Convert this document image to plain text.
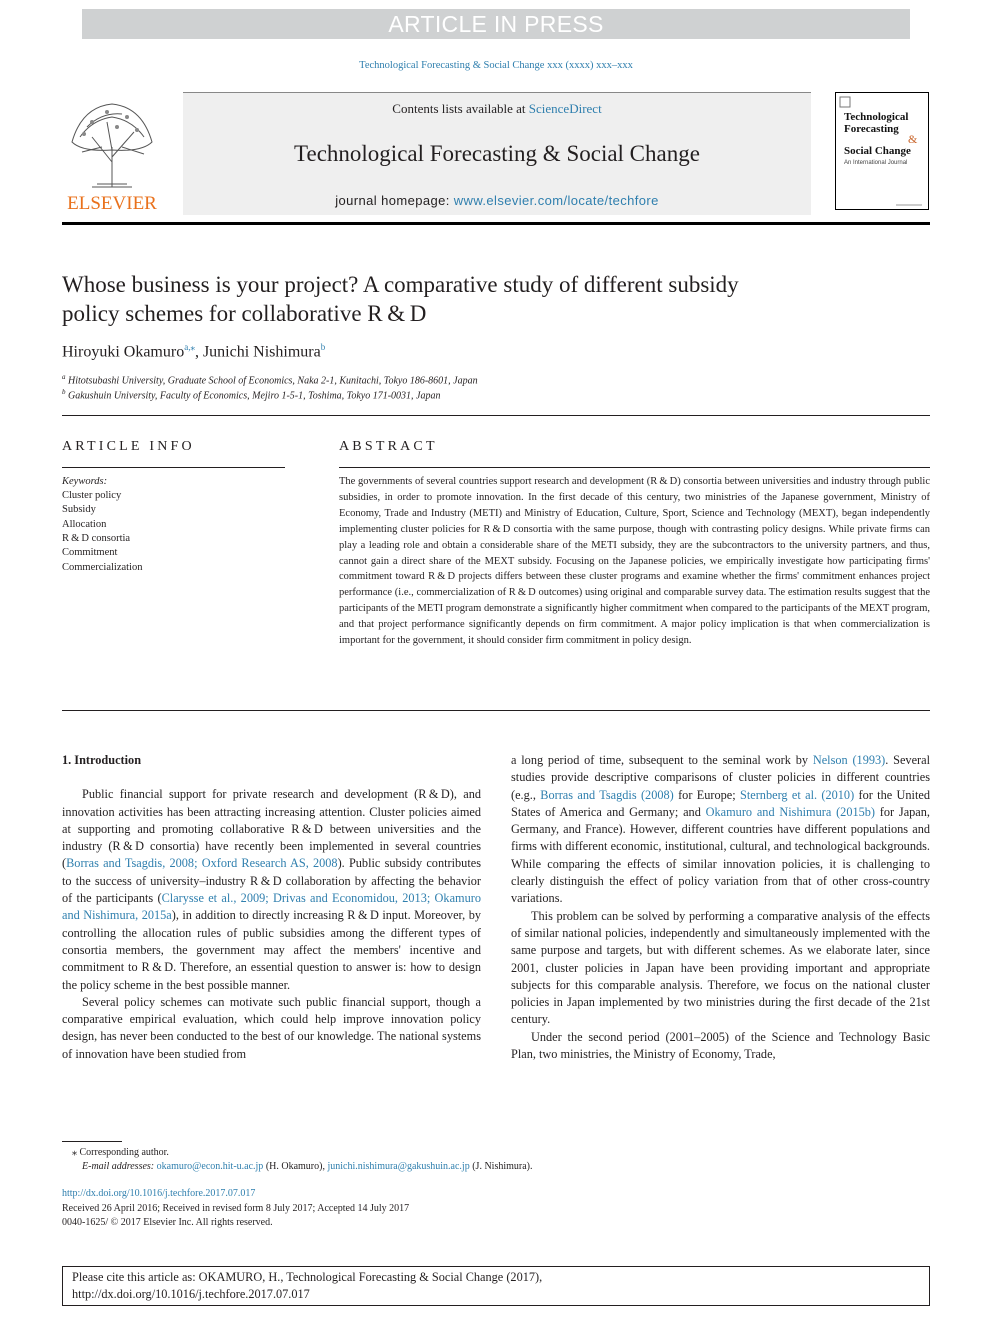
ARTICLE IN PRESS
Technological Forecasting & Social Change xxx (xxxx) xxx–xxx
ELSEVIER
Contents lists available at ScienceDirect
Technological Forecasting & Social Change
journal homepage: www.elsevier.com/locate/techfore
Technological
Forecasting
&
Social Change
An International Journal
Whose business is your project? A comparative study of different subsidy
policy schemes for collaborative R & D
Hiroyuki Okamuro$^{a,⁎}$, Junichi Nishimura$^b$
$^a$ Hitotsubashi University, Graduate School of Economics, Naka 2-1, Kunitachi, Tokyo 186-8601, Japan
$^b$ Gakushuin University, Faculty of Economics, Mejiro 1-5-1, Toshima, Tokyo 171-0031, Japan
ARTICLE INFO
Keywords:
Cluster policy
Subsidy
Allocation
R & D consortia
Commitment
Commercialization
ABSTRACT
The governments of several countries support research and development (R & D) consortia between universities and industry through public subsidies, in order to promote innovation. In the first decade of this century, two ministries of the Japanese government, Ministry of Economy, Trade and Industry (METI) and Ministry of Education, Culture, Sport, Science and Technology (MEXT), began independently implementing cluster policies for R & D consortia with the same purpose, though with contrasting policy designs. While private firms can play a leading role and obtain a considerable share of the METI subsidy, they are the subcontractors to the university partners, and thus, cannot gain a direct share of the MEXT subsidy. Focusing on the Japanese policies, we empirically investigate how participating firms' commitment toward R & D projects differs between these cluster programs and examine whether the firms' commitment enhances project performance (i.e., commercialization of R & D outcomes) using original and comparable survey data. The estimation results suggest that the participants of the METI program demonstrate a significantly higher commitment when compared to the participants of the MEXT program, and that project performance significantly depends on firm commitment. A major policy implication is that when commercialization is important for the government, it should consider firm commitment in policy design.

1. Introduction

Public financial support for private research and development (R & D), and innovation activities has been attracting increasing attention. Cluster policies aimed at supporting and promoting collaborative R & D between universities and the industry (R & D consortia) have recently been implemented in several countries (Borras and Tsagdis, 2008; Oxford Research AS, 2008). Public subsidy contributes to the success of university–industry R & D collaboration by affecting the behavior of the participants (Clarysse et al., 2009; Drivas and Economidou, 2013; Okamuro and Nishimura, 2015a), in addition to directly increasing R & D input. Moreover, by controlling the allocation rules of public subsidies among the different types of consortia members, the government may affect the members' incentive and commitment to R & D. Therefore, an essential question to answer is: how to design the policy scheme in the best possible manner.

Several policy schemes can motivate such public financial support, though a comparative empirical evaluation, which could help improve innovation policy design, has never been conducted to the best of our knowledge. The national systems of innovation have been studied from

a long period of time, subsequent to the seminal work by Nelson (1993). Several studies provide descriptive comparisons of cluster policies in different countries (e.g., Borras and Tsagdis (2008) for Europe; Sternberg et al. (2010) for the United States of America and Germany; and Okamuro and Nishimura (2015b) for Japan, Germany, and France). However, different countries have different populations and firms with different economic, institutional, cultural, and technological backgrounds. While comparing the effects of similar innovation policies, it is challenging to clearly distinguish the effect of policy variation from that of other cross-country variations.

This problem can be solved by performing a comparative analysis of the effects of similar national policies, independently and simultaneously implemented with the same purpose and targets, but with different schemes. As we elaborate later, since 2001, cluster policies in Japan have been providing important and appropriate subjects for this comparable analysis. Therefore, we focus on the national cluster policies in Japan implemented by two ministries during the first decade of the 21st century.

Under the second period (2001–2005) of the Science and Technology Basic Plan, two ministries, the Ministry of Economy, Trade,

⁎ Corresponding author.
E-mail addresses: okamuro@econ.hit-u.ac.jp (H. Okamuro), junichi.nishimura@gakushuin.ac.jp (J. Nishimura).
http://dx.doi.org/10.1016/j.techfore.2017.07.017
Received 26 April 2016; Received in revised form 8 July 2017; Accepted 14 July 2017
0040-1625/ © 2017 Elsevier Inc. All rights reserved.
Please cite this article as: OKAMURO, H., Technological Forecasting & Social Change (2017),
http://dx.doi.org/10.1016/j.techfore.2017.07.017
